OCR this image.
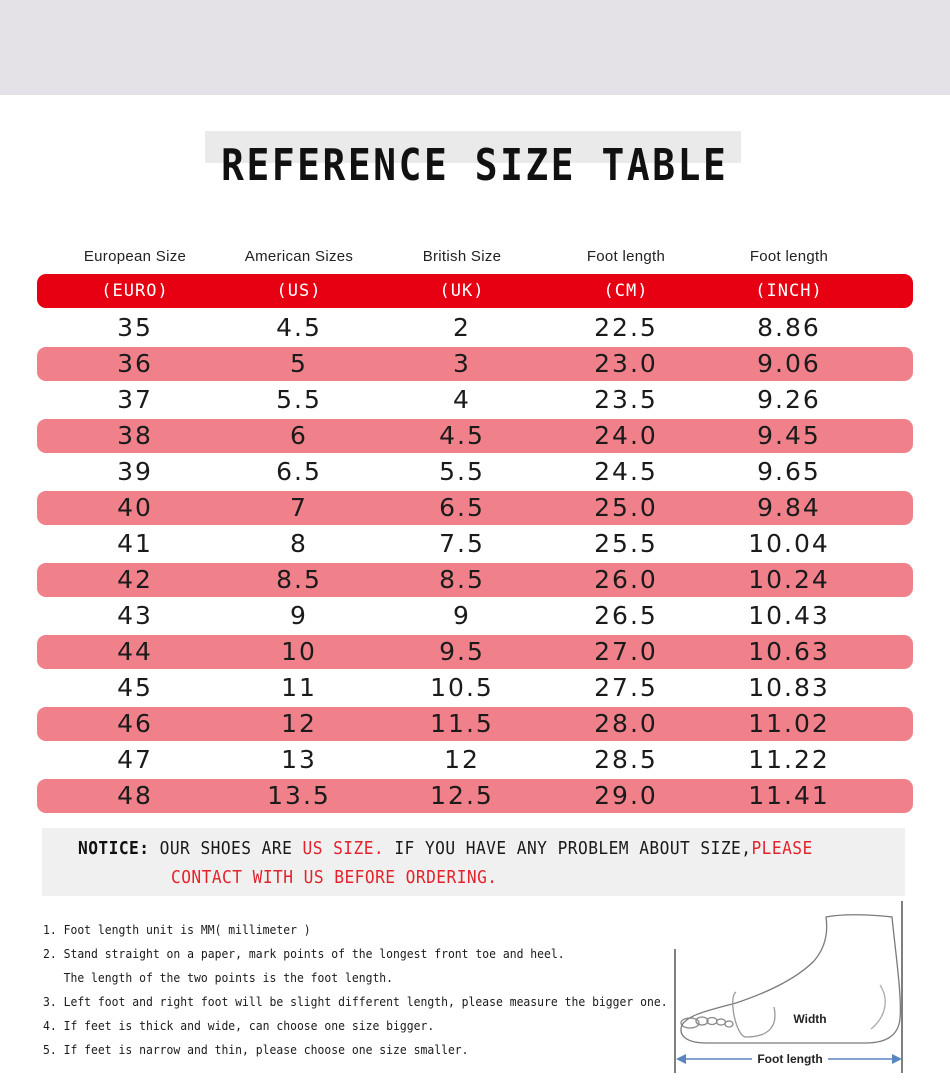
REFERENCE SIZE TABLE
European Size	American Sizes	British Size	Foot length	Foot length
(EURO)	(US)	(UK)	(CM)	(INCH)
35	4.5	2	22.5	8.86
36	5	3	23.0	9.06
37	5.5	4	23.5	9.26
38	6	4.5	24.0	9.45
39	6.5	5.5	24.5	9.65
40	7	6.5	25.0	9.84
41	8	7.5	25.5	10.04
42	8.5	8.5	26.0	10.24
43	9	9	26.5	10.43
44	10	9.5	27.0	10.63
45	11	10.5	27.5	10.83
46	12	11.5	28.0	11.02
47	13	12	28.5	11.22
48	13.5	12.5	29.0	11.41
NOTICE: OUR SHOES ARE US SIZE. IF YOU HAVE ANY PROBLEM ABOUT SIZE,PLEASE
CONTACT WITH US BEFORE ORDERING.
1. Foot length unit is MM( millimeter )
2. Stand straight on a paper, mark points of the longest front toe and heel.
The length of the two points is the foot length.
3. Left foot and right foot will be slight different length, please measure the bigger one.
4. If feet is thick and wide, can choose one size bigger.
5. If feet is narrow and thin, please choose one size smaller.
Width
Foot length
